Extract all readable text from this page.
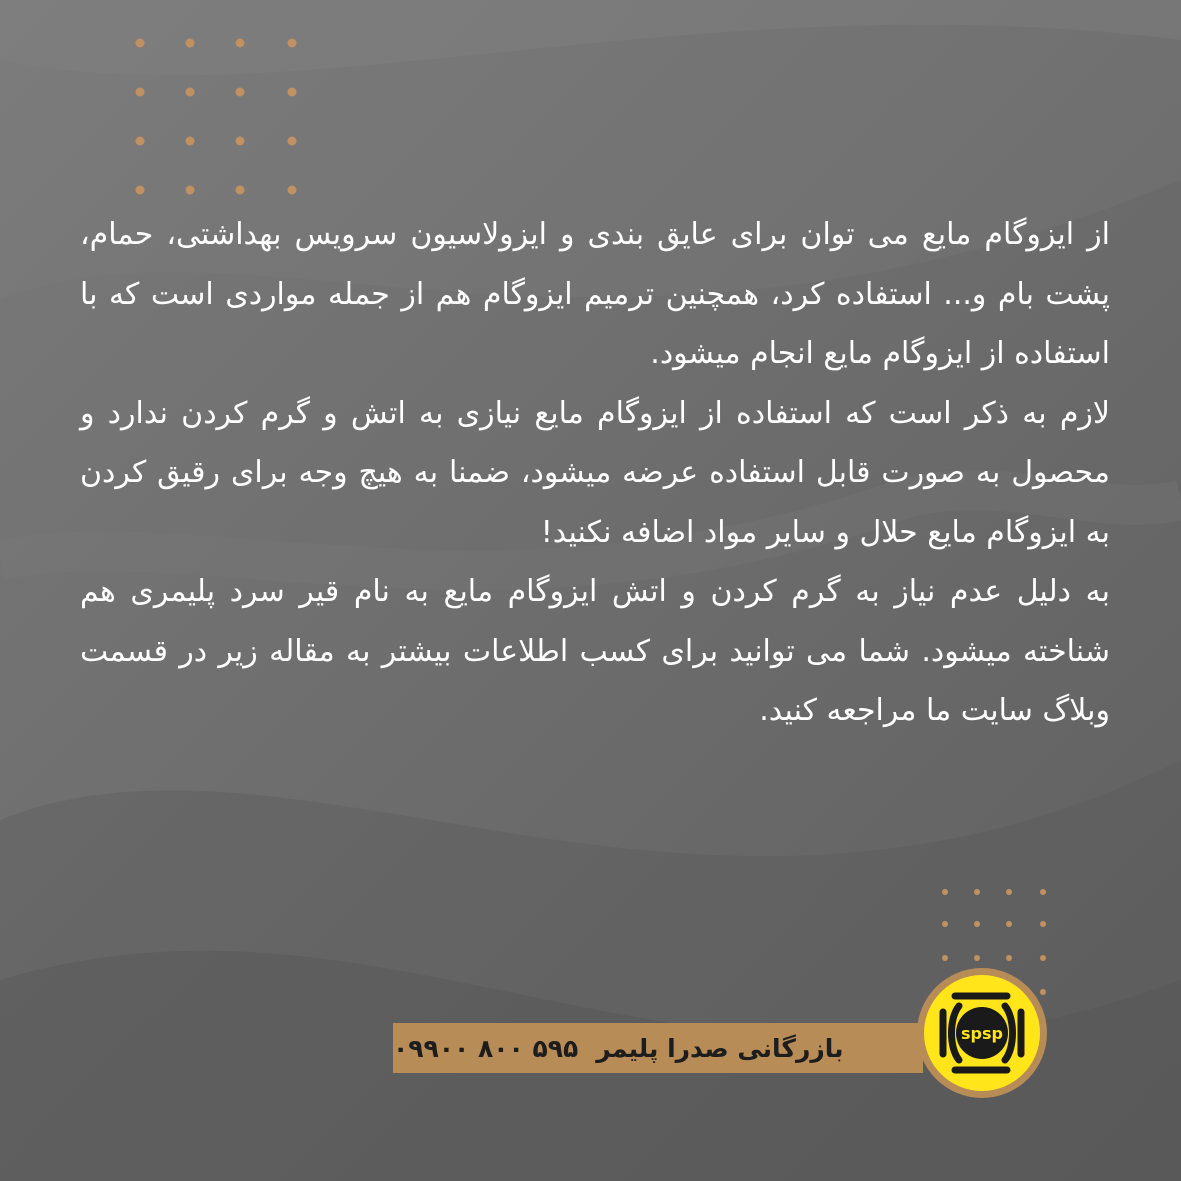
از ایزوگام مایع می توان برای عایق بندی و ایزولاسیون سرویس بهداشتی، حمام، پشت بام و... استفاده کرد، همچنین ترمیم ایزوگام هم از جمله مواردی است که با استفاده از ایزوگام مایع انجام میشود.

لازم به ذکر است که استفاده از ایزوگام مایع نیازی به اتش و گرم کردن ندارد و محصول به صورت قابل استفاده عرضه میشود، ضمنا به هیچ وجه برای رقیق کردن به ایزوگام مایع حلال و سایر مواد اضافه نکنید!

به دلیل عدم نیاز به گرم کردن و اتش ایزوگام مایع به نام قیر سرد پلیمری هم شناخته میشود. شما می توانید برای کسب اطلاعات بیشتر به مقاله زیر در قسمت وبلاگ سایت ما مراجعه کنید.

بازرگانی صدرا پلیمر
۰۹۹۰۰ ۸۰۰ ۵۹۵	spsp
